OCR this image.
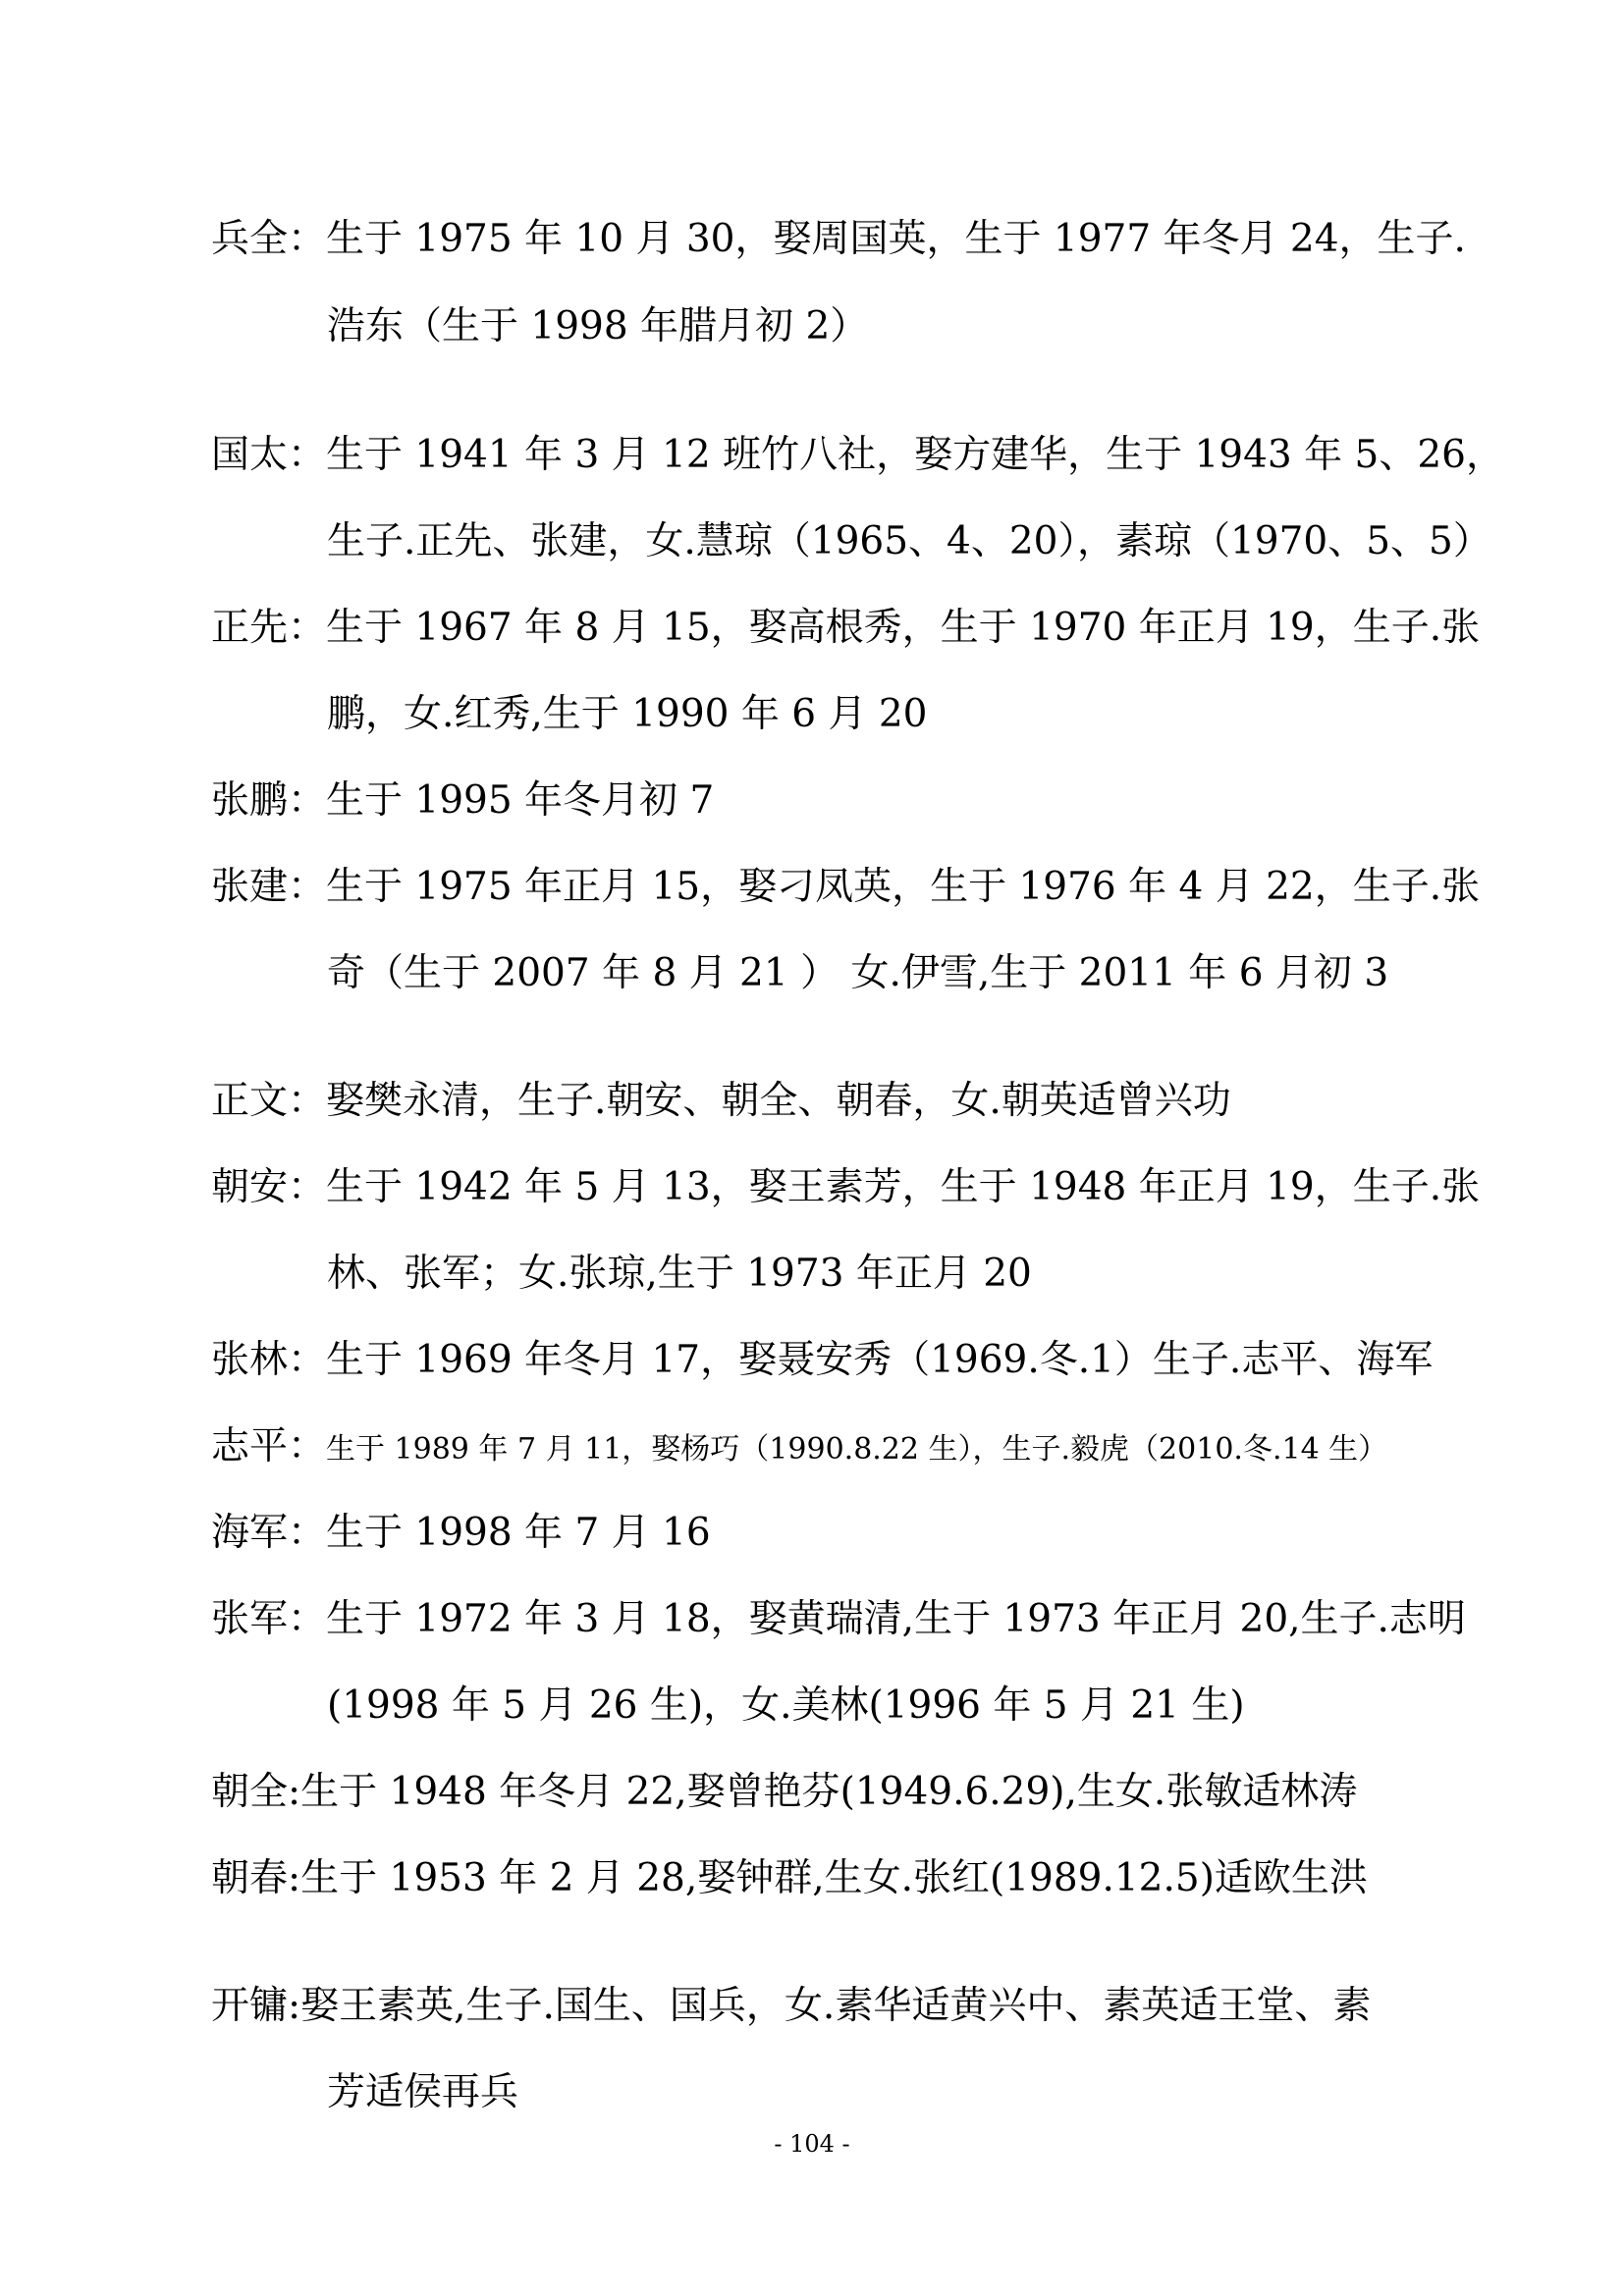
兵全：生于 1975 年 10 月 30，娶周国英，生于 1977 年冬月 24，生子.
浩东（生于 1998 年腊月初 2）
国太：生于 1941 年 3 月 12 班竹八社，娶方建华，生于 1943 年 5、26，
生子.正先、张建，女.慧琼（1965、4、20），素琼（1970、5、5）
正先：生于 1967 年 8 月 15，娶高根秀，生于 1970 年正月 19，生子.张
鹏，女.红秀,生于 1990 年 6 月 20
张鹏：生于 1995 年冬月初 7
张建：生于 1975 年正月 15，娶刁凤英，生于 1976 年 4 月 22，生子.张
奇（生于 2007 年 8 月 21 ） 女.伊雪,生于 2011 年 6 月初 3
正文：娶樊永清，生子.朝安、朝全、朝春，女.朝英适曾兴功
朝安：生于 1942 年 5 月 13，娶王素芳，生于 1948 年正月 19，生子.张
林、张军；女.张琼,生于 1973 年正月 20
张林：生于 1969 年冬月 17，娶聂安秀（1969.冬.1）生子.志平、海军
志平：生于 1989 年 7 月 11，娶杨巧（1990.8.22 生），生子.毅虎（2010.冬.14 生）
海军：生于 1998 年 7 月 16
张军：生于 1972 年 3 月 18，娶黄瑞清,生于 1973 年正月 20,生子.志明
(1998 年 5 月 26 生)，女.美林(1996 年 5 月 21 生)
朝全:生于 1948 年冬月 22,娶曾艳芬(1949.6.29),生女.张敏适林涛
朝春:生于 1953 年 2 月 28,娶钟群,生女.张红(1989.12.5)适欧生洪
开镛:娶王素英,生子.国生、国兵，女.素华适黄兴中、素英适王堂、素
芳适侯再兵
- 104 -
